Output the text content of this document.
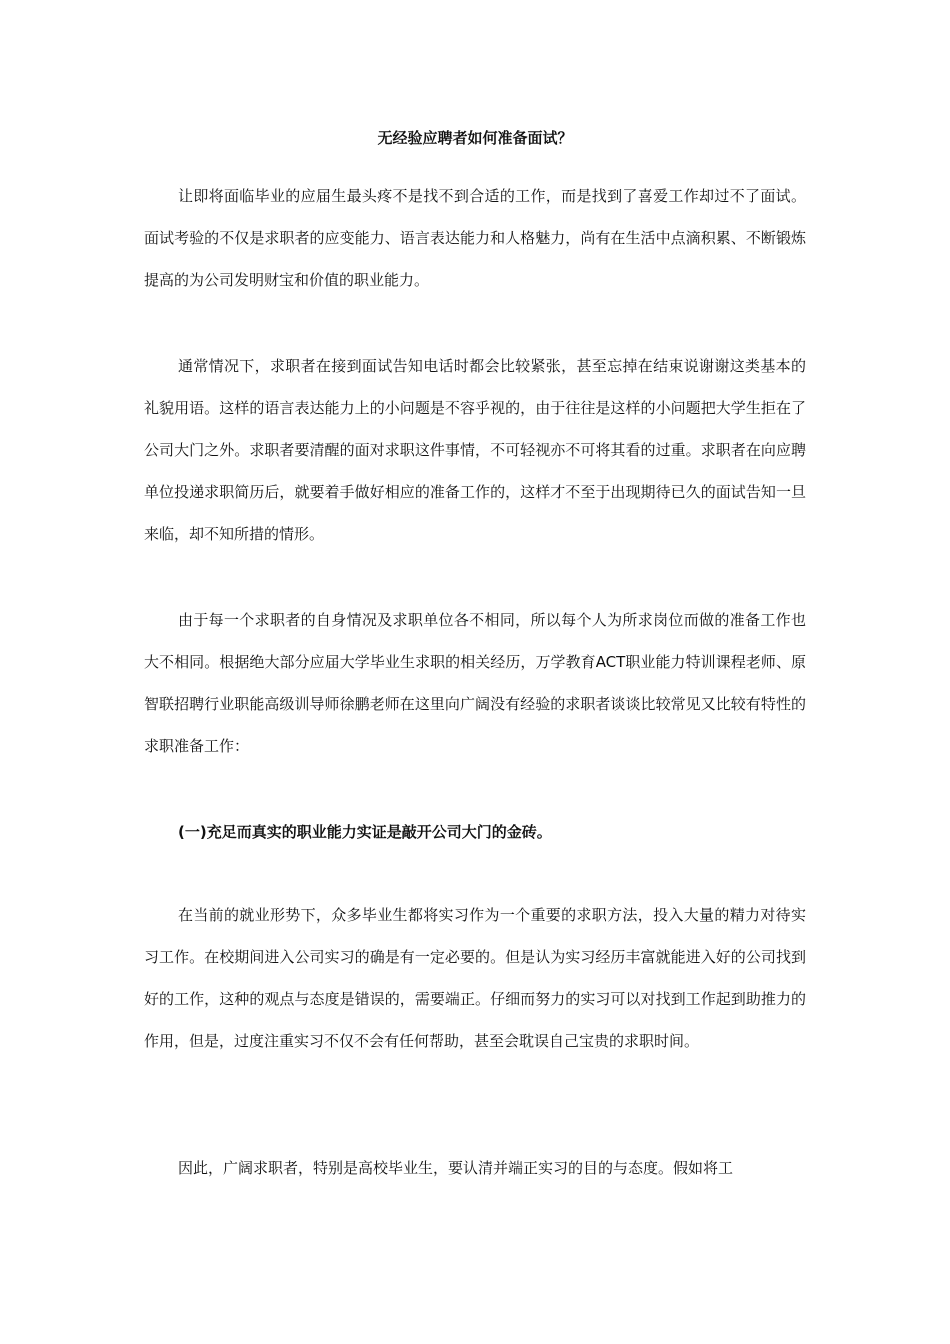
无经验应聘者如何准备面试？

让即将面临毕业的应届生最头疼不是找不到合适的工作，而是找到了喜爱工作却过不了面试。面试考验的不仅是求职者的应变能力、语言表达能力和人格魅力，尚有在生活中点滴积累、不断锻炼提高的为公司发明财宝和价值的职业能力。

通常情况下，求职者在接到面试告知电话时都会比较紧张，甚至忘掉在结束说谢谢这类基本的礼貌用语。这样的语言表达能力上的小问题是不容乎视的，由于往往是这样的小问题把大学生拒在了公司大门之外。求职者要清醒的面对求职这件事情，不可轻视亦不可将其看的过重。求职者在向应聘单位投递求职简历后，就要着手做好相应的准备工作的，这样才不至于出现期待已久的面试告知一旦来临，却不知所措的情形。

由于每一个求职者的自身情况及求职单位各不相同，所以每个人为所求岗位而做的准备工作也大不相同。根据绝大部分应届大学毕业生求职的相关经历，万学教育ACT职业能力特训课程老师、原智联招聘行业职能高级训导师徐鹏老师在这里向广阔没有经验的求职者谈谈比较常见又比较有特性的求职准备工作：

(一)充足而真实的职业能力实证是敲开公司大门的金砖。

在当前的就业形势下，众多毕业生都将实习作为一个重要的求职方法，投入大量的精力对待实习工作。在校期间进入公司实习的确是有一定必要的。但是认为实习经历丰富就能进入好的公司找到好的工作，这种的观点与态度是错误的，需要端正。仔细而努力的实习可以对找到工作起到助推力的作用，但是，过度注重实习不仅不会有任何帮助，甚至会耽误自己宝贵的求职时间。

因此，广阔求职者，特别是高校毕业生，要认清并端正实习的目的与态度。假如将工
